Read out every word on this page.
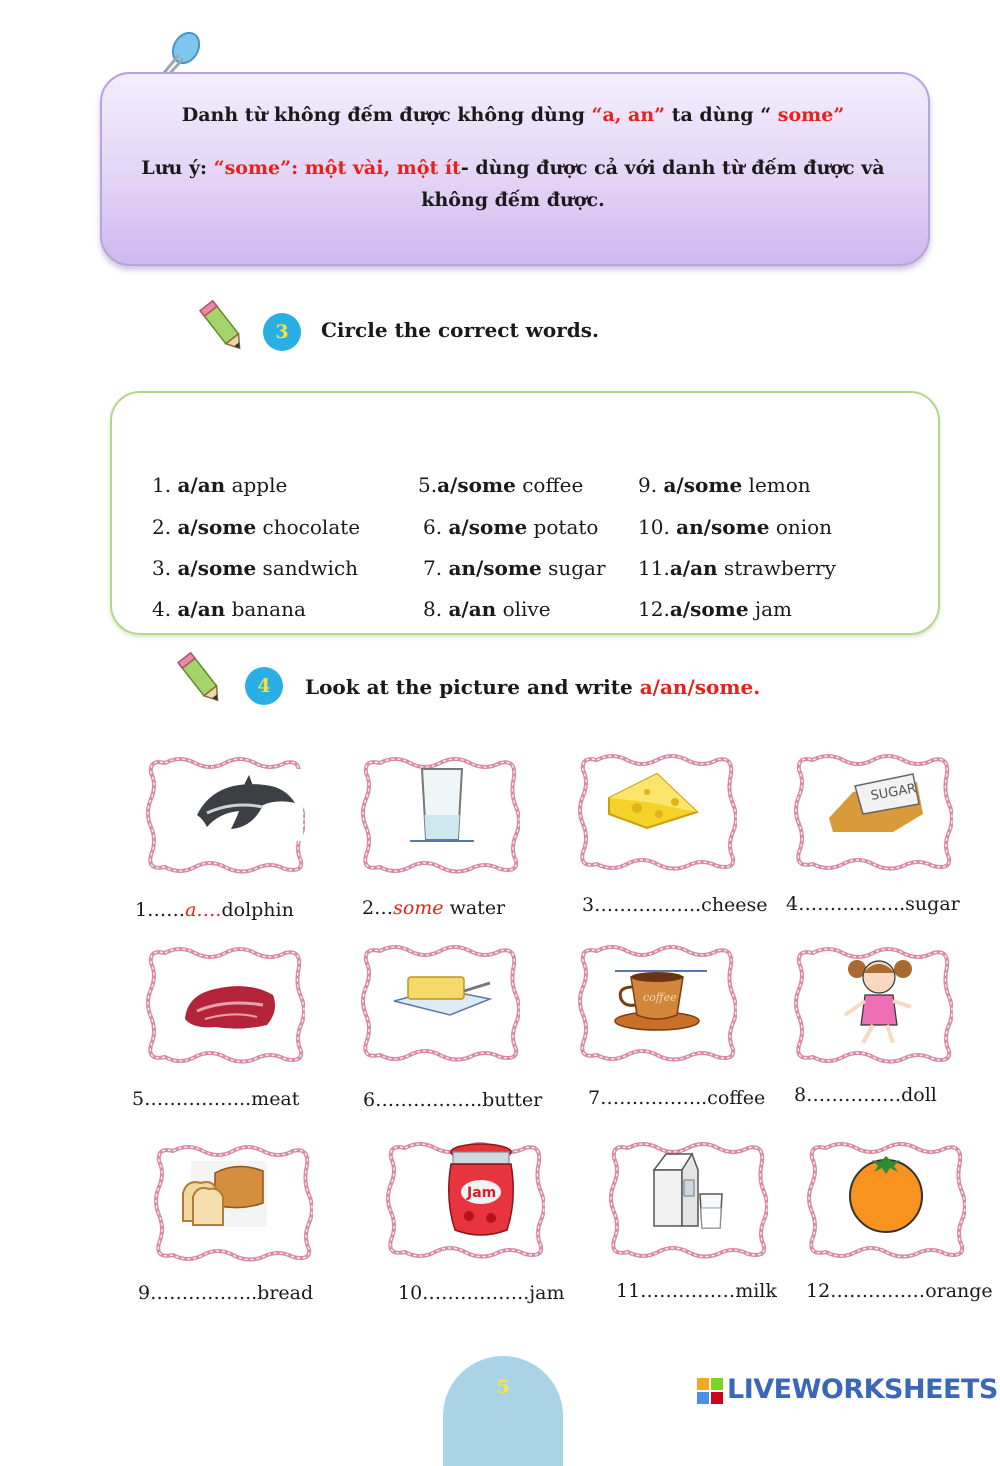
Danh từ không đếm được không dùng “a, an” ta dùng “ some”
Lưu ý: “some”: một vài, một ít- dùng được cả với danh từ đếm được và không đếm được.
3	Circle the correct words.
1. a/an apple
2. a/some chocolate
3. a/some sandwich
4. a/an banana
5.a/some coffee
6. a/some potato
7. an/some sugar
8. a/an olive
9. a/some lemon
10. an/some onion
11.a/an strawberry
12.a/some jam
4	Look at the picture and write a/an/some.
1……a….dolphin	2…some water	3……………..cheese
SUGAR
4……………..sugar
5……………..meat	6……………..butter
coffee
7……………..coffee 8……………doll
9……………..bread
Jam
10……………..jam	11……………milk 12……………orange
5	LIVEWORKSHEETS
